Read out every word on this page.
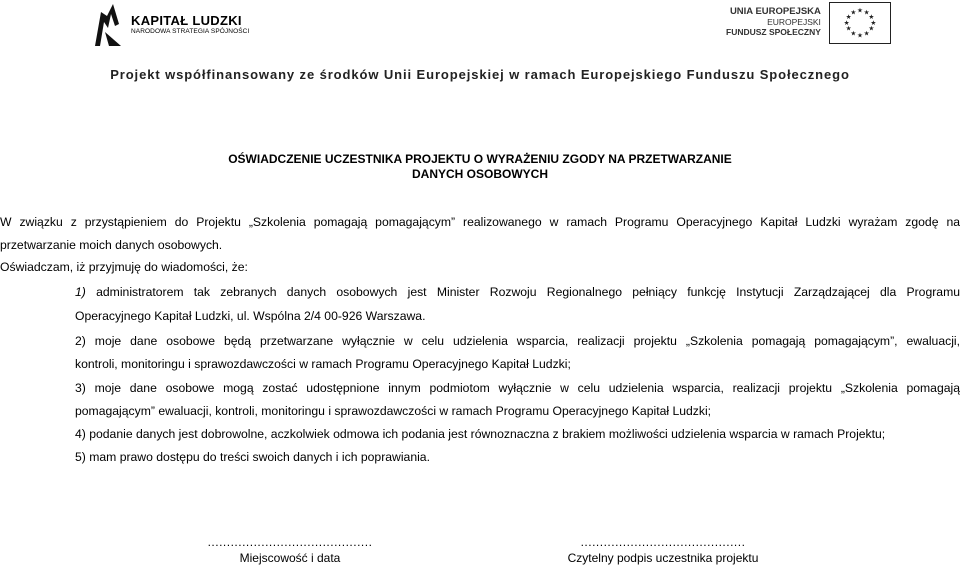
KAPITAŁ LUDZKI
NARODOWA STRATEGIA SPÓJNOŚCI
UNIA EUROPEJSKA
EUROPEJSKI
FUNDUSZ SPOŁECZNY
★ ★
★
★
★
★
★
★
★
★
★
★
Projekt współfinansowany ze środków Unii Europejskiej w ramach Europejskiego Funduszu Społecznego
OŚWIADCZENIE UCZESTNIKA PROJEKTU O WYRAŻENIU ZGODY NA PRZETWARZANIE
DANYCH OSOBOWYCH
W związku z przystąpieniem do Projektu „Szkolenia pomagają pomagającym” realizowanego w ramach Programu Operacyjnego Kapitał Ludzki wyrażam zgodę na
przetwarzanie moich danych osobowych.
Oświadczam, iż przyjmuję do wiadomości, że:
1) administratorem tak zebranych danych osobowych jest Minister Rozwoju Regionalnego pełniący funkcję Instytucji Zarządzającej dla Programu
Operacyjnego Kapitał Ludzki, ul. Wspólna 2/4 00-926 Warszawa.
2) moje dane osobowe będą przetwarzane wyłącznie w celu udzielenia wsparcia, realizacji projektu „Szkolenia pomagają pomagającym”, ewaluacji,
kontroli, monitoringu i sprawozdawczości w ramach Programu Operacyjnego Kapitał Ludzki;
3) moje dane osobowe mogą zostać udostępnione innym podmiotom wyłącznie w celu udzielenia wsparcia, realizacji projektu „Szkolenia pomagają
pomagającym” ewaluacji, kontroli, monitoringu i sprawozdawczości w ramach Programu Operacyjnego Kapitał Ludzki;
4) podanie danych jest dobrowolne, aczkolwiek odmowa ich podania jest równoznaczna z brakiem możliwości udzielenia wsparcia w ramach Projektu;
5) mam prawo dostępu do treści swoich danych i ich poprawiania.
...........................................
Miejscowość i data
...........................................
Czytelny podpis uczestnika projektu
